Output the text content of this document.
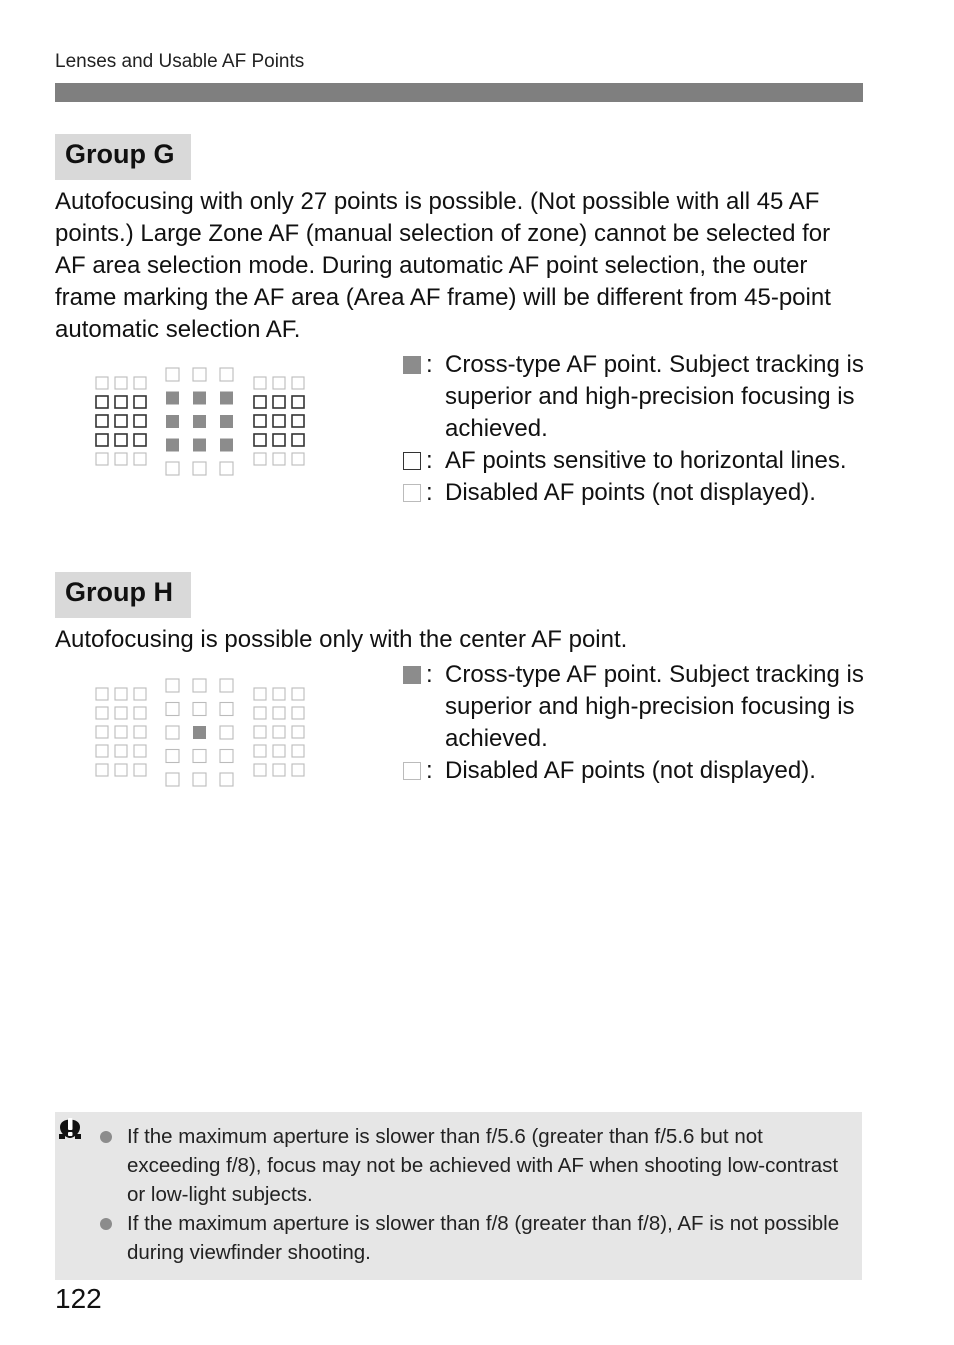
Lenses and Usable AF Points
Group G

Autofocusing with only 27 points is possible. (Not possible with all 45 AF points.) Large Zone AF (manual selection of zone) cannot be selected for AF area selection mode. During automatic AF point selection, the outer frame marking the AF area (Area AF frame) will be different from 45-point automatic selection AF.

: Cross-type AF point. Subject tracking is superior and high-precision focusing is achieved.
: AF points sensitive to horizontal lines.
: Disabled AF points (not displayed).
Group H

Autofocusing is possible only with the center AF point.

: Cross-type AF point. Subject tracking is superior and high-precision focusing is achieved.
: Disabled AF points (not displayed).
If the maximum aperture is slower than f/5.6 (greater than f/5.6 but not exceeding f/8), focus may not be achieved with AF when shooting low-contrast or low-light subjects.
If the maximum aperture is slower than f/8 (greater than f/8), AF is not possible during viewfinder shooting.
122
